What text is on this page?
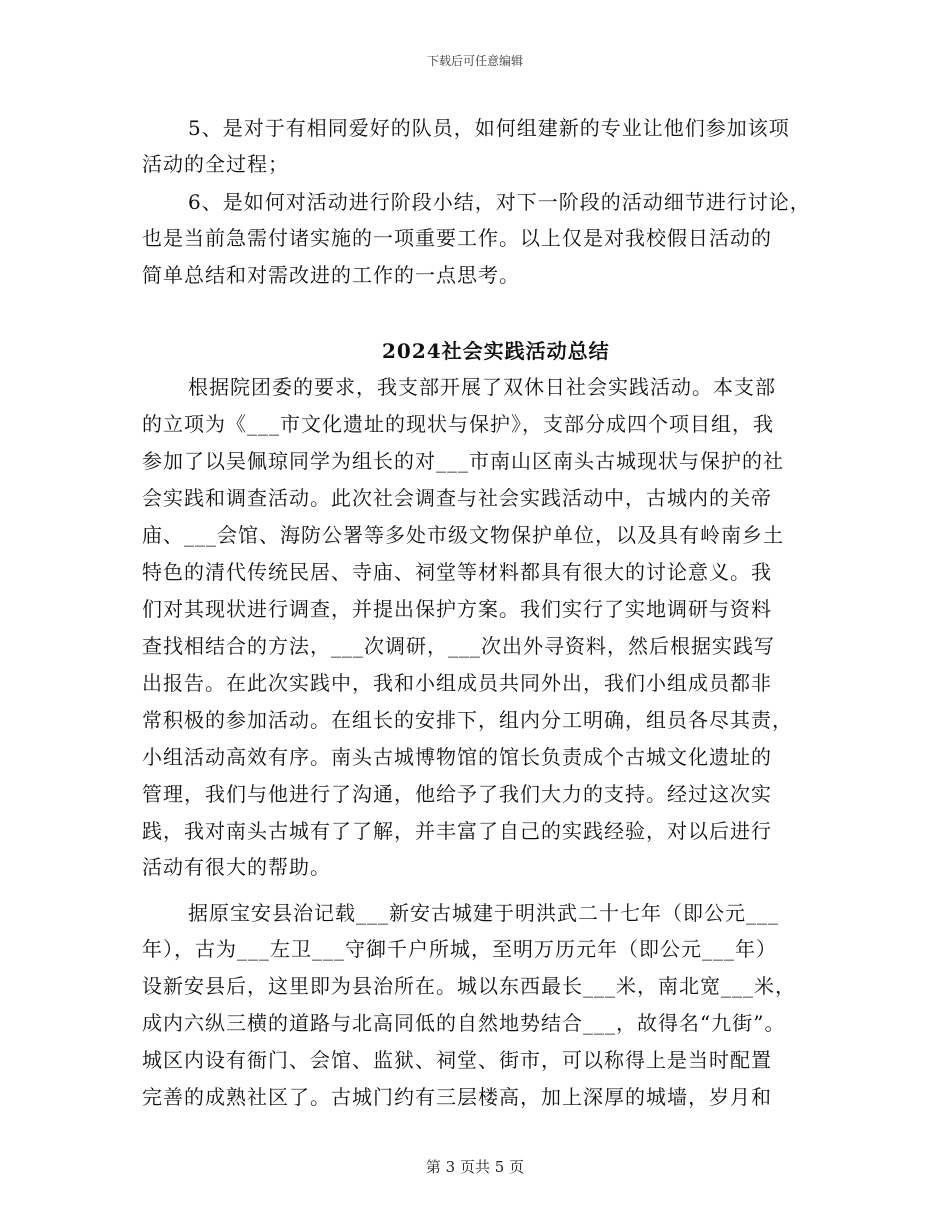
下载后可任意编辑
5、是对于有相同爱好的队员，如何组建新的专业让他们参加该项
活动的全过程；
6、是如何对活动进行阶段小结，对下一阶段的活动细节进行讨论，
也是当前急需付诸实施的一项重要工作。以上仅是对我校假日活动的
简单总结和对需改进的工作的一点思考。
2024社会实践活动总结
根据院团委的要求，我支部开展了双休日社会实践活动。本支部
的立项为《___市文化遗址的现状与保护》，支部分成四个项目组，我
参加了以吴佩琼同学为组长的对___市南山区南头古城现状与保护的社
会实践和调查活动。此次社会调查与社会实践活动中，古城内的关帝
庙、___会馆、海防公署等多处市级文物保护单位，以及具有岭南乡土
特色的清代传统民居、寺庙、祠堂等材料都具有很大的讨论意义。我
们对其现状进行调查，并提出保护方案。我们实行了实地调研与资料
查找相结合的方法，___次调研，___次出外寻资料，然后根据实践写
出报告。在此次实践中，我和小组成员共同外出，我们小组成员都非
常积极的参加活动。在组长的安排下，组内分工明确，组员各尽其责，
小组活动高效有序。南头古城博物馆的馆长负责成个古城文化遗址的
管理，我们与他进行了沟通，他给予了我们大力的支持。经过这次实
践，我对南头古城有了了解，并丰富了自己的实践经验，对以后进行
活动有很大的帮助。
据原宝安县治记载___新安古城建于明洪武二十七年（即公元___
年），古为___左卫___守御千户所城，至明万历元年（即公元___年）
设新安县后，这里即为县治所在。城以东西最长___米，南北宽___米，
成内六纵三横的道路与北高同低的自然地势结合___，故得名“九街”。
城区内设有衙门、会馆、监狱、祠堂、街市，可以称得上是当时配置
完善的成熟社区了。古城门约有三层楼高，加上深厚的城墙，岁月和
第 3 页共 5 页
